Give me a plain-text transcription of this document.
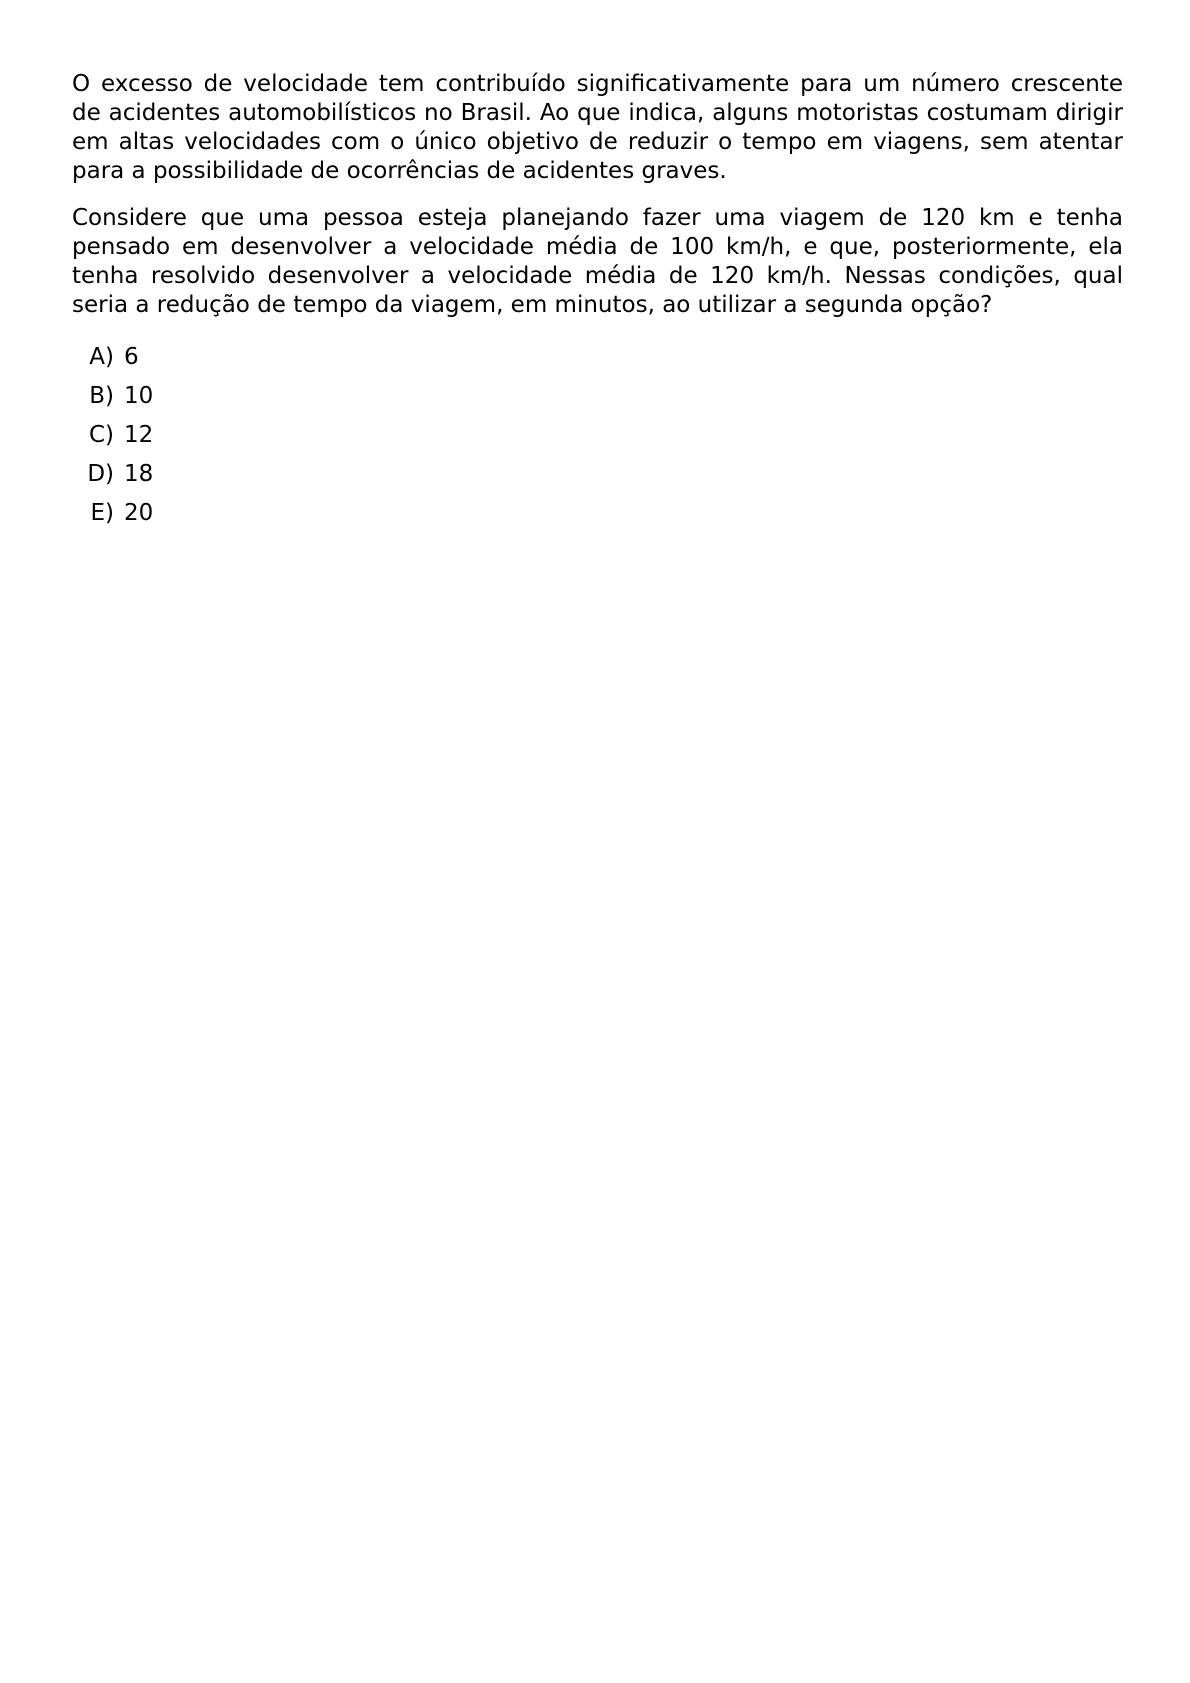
O excesso de velocidade tem contribuído significativamente para um número crescente de acidentes automobilísticos no Brasil. Ao que indica, alguns motoristas costumam dirigir em altas velocidades com o único objetivo de reduzir o tempo em viagens, sem atentar para a possibilidade de ocorrências de acidentes graves.

Considere que uma pessoa esteja planejando fazer uma viagem de 120 km e tenha pensado em desenvolver a velocidade média de 100 km/h, e que, posteriormente, ela tenha resolvido desenvolver a velocidade média de 120 km/h. Nessas condições, qual seria a redução de tempo da viagem, em minutos, ao utilizar a segunda opção?

A) 6
B) 10
C) 12
D) 18
E) 20
